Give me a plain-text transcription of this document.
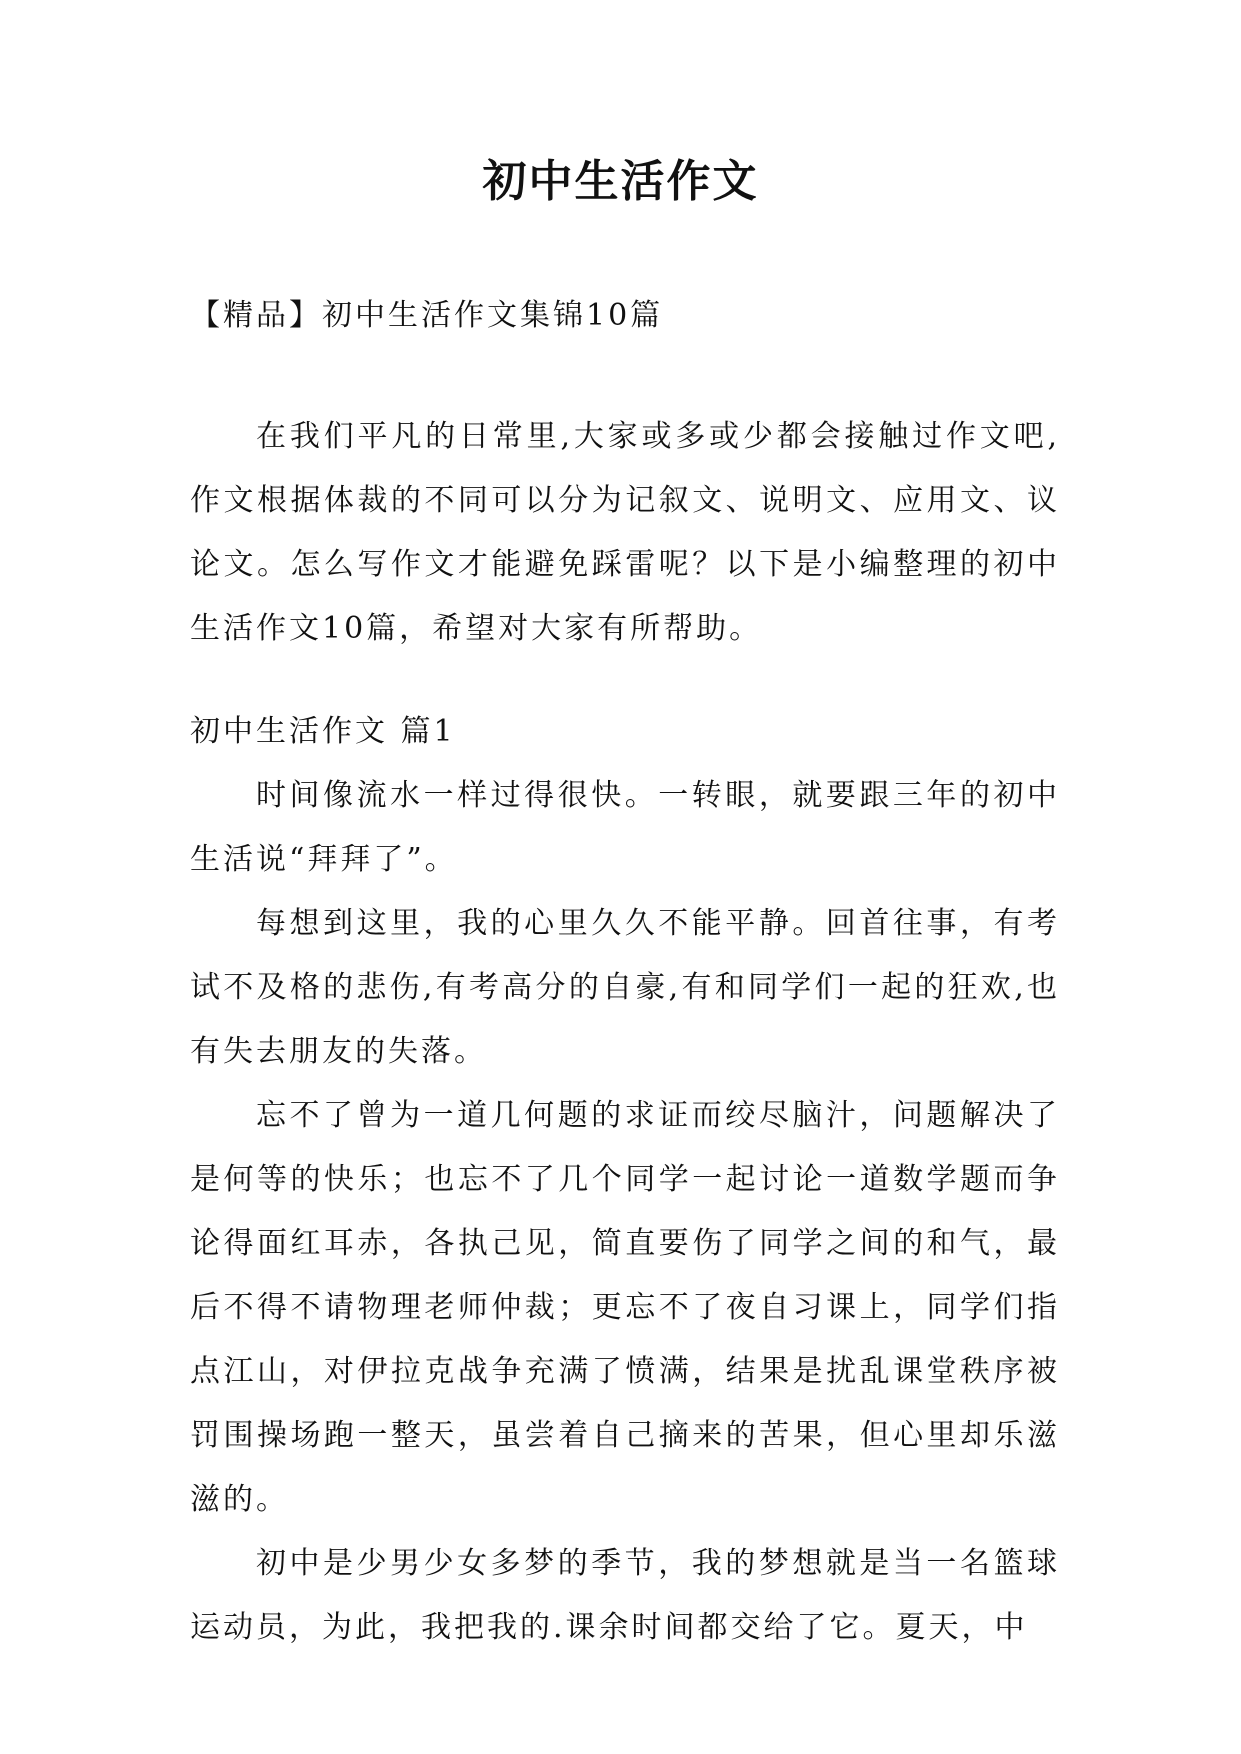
初中生活作文
【精品】初中生活作文集锦10篇

在我们平凡的日常里,大家或多或少都会接触过作文吧,作文根据体裁的不同可以分为记叙文、说明文、应用文、议论文。怎么写作文才能避免踩雷呢？以下是小编整理的初中生活作文10篇，希望对大家有所帮助。

初中生活作文 篇1

时间像流水一样过得很快。一转眼，就要跟三年的初中生活说“拜拜了”。

每想到这里，我的心里久久不能平静。回首往事，有考试不及格的悲伤,有考高分的自豪,有和同学们一起的狂欢,也有失去朋友的失落。

忘不了曾为一道几何题的求证而绞尽脑汁，问题解决了是何等的快乐；也忘不了几个同学一起讨论一道数学题而争论得面红耳赤，各执己见，简直要伤了同学之间的和气，最后不得不请物理老师仲裁；更忘不了夜自习课上，同学们指点江山，对伊拉克战争充满了愤满，结果是扰乱课堂秩序被罚围操场跑一整天，虽尝着自己摘来的苦果，但心里却乐滋滋的。

初中是少男少女多梦的季节，我的梦想就是当一名篮球运动员，为此，我把我的.课余时间都交给了它。夏天，中
